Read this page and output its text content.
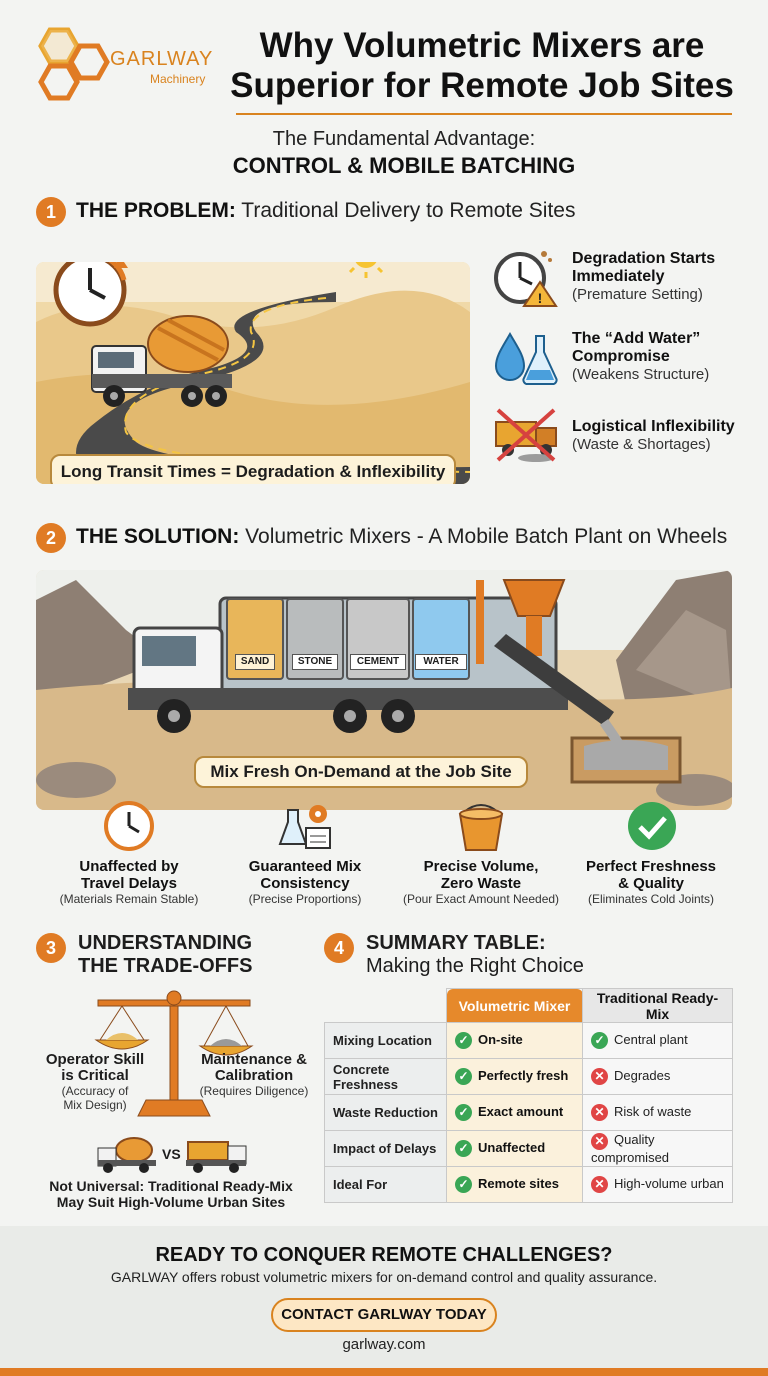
GARLWAY
Machinery
Why Volumetric Mixers are
Superior for Remote Job Sites
The Fundamental Advantage:
CONTROL & MOBILE BATCHING
1 THE PROBLEM: Traditional Delivery to Remote Sites
Long Transit Times = Degradation & Inflexibility
!
Degradation Starts
Immediately
(Premature Setting)
The “Add Water”
Compromise
(Weakens Structure)
Logistical Inflexibility
(Waste & Shortages)
2 THE SOLUTION: Volumetric Mixers - A Mobile Batch Plant on Wheels
SAND	STONE	CEMENT	WATER
Mix Fresh On-Demand at the Job Site
Unaffected by
Travel Delays
(Materials Remain Stable)
Guaranteed Mix
Consistency
(Precise Proportions)
Precise Volume,
Zero Waste
(Pour Exact Amount Needed)
Perfect Freshness
& Quality
(Eliminates Cold Joints)
3	UNDERSTANDING
THE TRADE-OFFS
Operator Skill
is Critical
(Accuracy of
Mix Design)
Maintenance &
Calibration
(Requires Diligence)
VS
Not Universal: Traditional Ready-Mix
May Suit High-Volume Urban Sites
4	SUMMARY TABLE:
Making the Right Choice
	Volumetric Mixer	Traditional Ready-Mix
Mixing Location	✓ On-site	✓ Central plant
Concrete Freshness	✓ Perfectly fresh	✕ Degrades
Waste Reduction	✓ Exact amount	✕ Risk of waste
Impact of Delays	✓ Unaffected	✕ Quality compromised
Ideal For	✓ Remote sites	✕ High-volume urban
READY TO CONQUER REMOTE CHALLENGES?
GARLWAY offers robust volumetric mixers for on-demand control and quality assurance.
CONTACT GARLWAY TODAY
garlway.com
